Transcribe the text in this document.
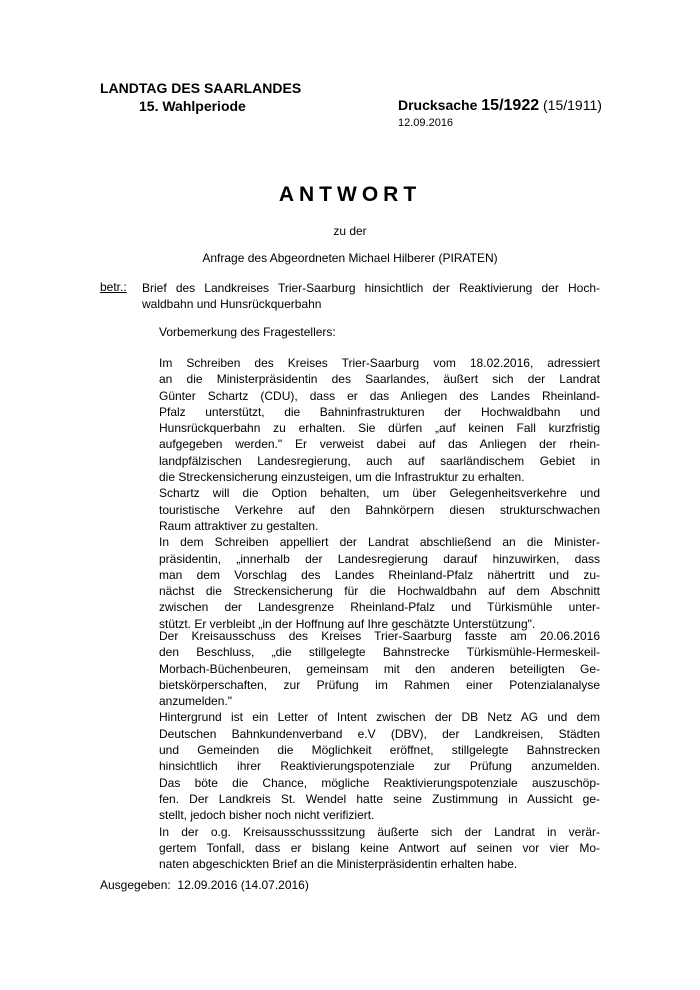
LANDTAG DES SAARLANDES
15. Wahlperiode	Drucksache 15/1922 (15/1911)
12.09.2016
ANTWORT
zu der
Anfrage des Abgeordneten Michael Hilberer (PIRATEN)
betr.: Brief des Landkreises Trier-Saarburg hinsichtlich der Reaktivierung der Hoch-
waldbahn und Hunsrückquerbahn
Vorbemerkung des Fragestellers:
Im Schreiben des Kreises Trier-Saarburg vom 18.02.2016, adressiert
an die Ministerpräsidentin des Saarlandes, äußert sich der Landrat
Günter Schartz (CDU), dass er das Anliegen des Landes Rheinland-
Pfalz unterstützt, die Bahninfrastrukturen der Hochwaldbahn und
Hunsrückquerbahn zu erhalten. Sie dürfen „auf keinen Fall kurzfristig
aufgegeben werden." Er verweist dabei auf das Anliegen der rhein-
landpfälzischen Landesregierung, auch auf saarländischem Gebiet in
die Streckensicherung einzusteigen, um die Infrastruktur zu erhalten.
Schartz will die Option behalten, um über Gelegenheitsverkehre und
touristische Verkehre auf den Bahnkörpern diesen strukturschwachen
Raum attraktiver zu gestalten.
In dem Schreiben appelliert der Landrat abschließend an die Minister-
präsidentin, „innerhalb der Landesregierung darauf hinzuwirken, dass
man dem Vorschlag des Landes Rheinland-Pfalz nähertritt und zu-
nächst die Streckensicherung für die Hochwaldbahn auf dem Abschnitt
zwischen der Landesgrenze Rheinland-Pfalz und Türkismühle unter-
stützt. Er verbleibt „in der Hoffnung auf Ihre geschätzte Unterstützung".
Der Kreisausschuss des Kreises Trier-Saarburg fasste am 20.06.2016
den Beschluss, „die stillgelegte Bahnstrecke Türkismühle-Hermeskeil-
Morbach-Büchenbeuren, gemeinsam mit den anderen beteiligten Ge-
bietskörperschaften, zur Prüfung im Rahmen einer Potenzialanalyse
anzumelden."
Hintergrund ist ein Letter of Intent zwischen der DB Netz AG und dem
Deutschen Bahnkundenverband e.V (DBV), der Landkreisen, Städten
und Gemeinden die Möglichkeit eröffnet, stillgelegte Bahnstrecken
hinsichtlich ihrer Reaktivierungspotenziale zur Prüfung anzumelden.
Das böte die Chance, mögliche Reaktivierungspotenziale auszuschöp-
fen. Der Landkreis St. Wendel hatte seine Zustimmung in Aussicht ge-
stellt, jedoch bisher noch nicht verifiziert.
In der o.g. Kreisausschusssitzung äußerte sich der Landrat in verär-
gertem Tonfall, dass er bislang keine Antwort auf seinen vor vier Mo-
naten abgeschickten Brief an die Ministerpräsidentin erhalten habe.
Ausgegeben:  12.09.2016 (14.07.2016)
